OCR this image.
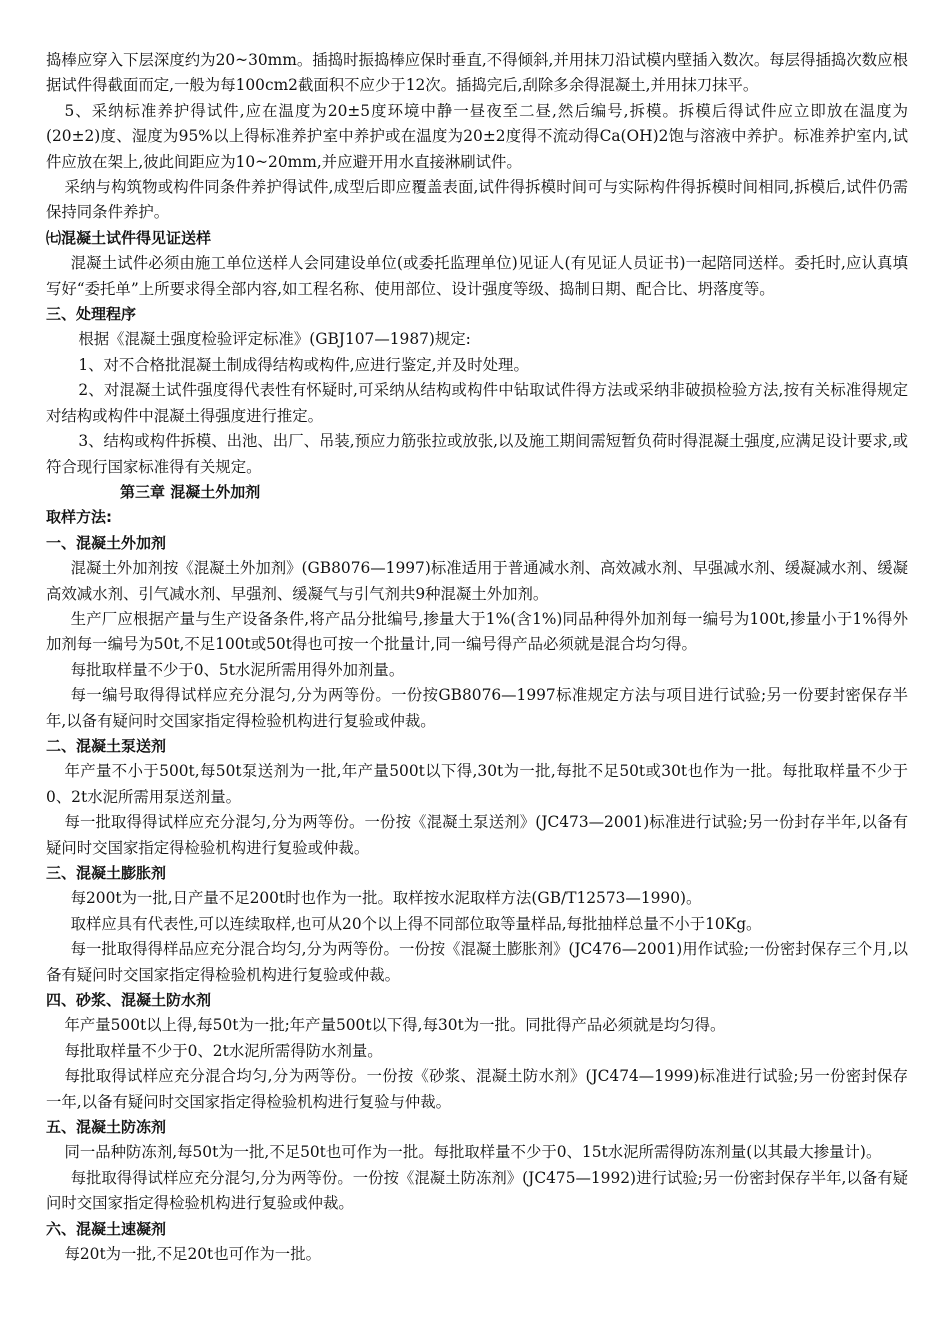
捣棒应穿入下层深度约为20~30mm。插捣时振捣棒应保时垂直,不得倾斜,并用抹刀沿试模内壁插入数次。每层得插捣次数应根据试件得截面而定,一般为每100cm2截面积不应少于12次。插捣完后,刮除多余得混凝土,并用抹刀抹平。

5、采纳标准养护得试件,应在温度为20±5度环境中静一昼夜至二昼,然后编号,拆模。拆模后得试件应立即放在温度为(20±2)度、湿度为95%以上得标准养护室中养护或在温度为20±2度得不流动得Ca(OH)2饱与溶液中养护。标准养护室内,试件应放在架上,彼此间距应为10~20mm,并应避开用水直接淋刷试件。

采纳与构筑物或构件同条件养护得试件,成型后即应覆盖表面,试件得拆模时间可与实际构件得拆模时间相同,拆模后,试件仍需保持同条件养护。

㈦混凝土试件得见证送样

混凝土试件必须由施工单位送样人会同建设单位(或委托监理单位)见证人(有见证人员证书)一起陪同送样。委托时,应认真填写好“委托单”上所要求得全部内容,如工程名称、使用部位、设计强度等级、捣制日期、配合比、坍落度等。

三、处理程序

根据《混凝土强度检验评定标准》(GBJ107—1987)规定:

1、对不合格批混凝土制成得结构或构件,应进行鉴定,并及时处理。

2、对混凝土试件强度得代表性有怀疑时,可采纳从结构或构件中钻取试件得方法或采纳非破损检验方法,按有关标准得规定对结构或构件中混凝土得强度进行推定。

3、结构或构件拆模、出池、出厂、吊装,预应力筋张拉或放张,以及施工期间需短暂负荷时得混凝土强度,应满足设计要求,或符合现行国家标准得有关规定。

第三章 混凝土外加剂
取样方法:
一、混凝土外加剂

混凝土外加剂按《混凝土外加剂》(GB8076—1997)标准适用于普通减水剂、高效减水剂、早强减水剂、缓凝减水剂、缓凝高效减水剂、引气减水剂、早强剂、缓凝气与引气剂共9种混凝土外加剂。

生产厂应根据产量与生产设备条件,将产品分批编号,掺量大于1%(含1%)同品种得外加剂每一编号为100t,掺量小于1%得外加剂每一编号为50t,不足100t或50t得也可按一个批量计,同一编号得产品必须就是混合均匀得。

每批取样量不少于0、5t水泥所需用得外加剂量。

每一编号取得得试样应充分混匀,分为两等份。一份按GB8076—1997标准规定方法与项目进行试验;另一份要封密保存半年,以备有疑问时交国家指定得检验机构进行复验或仲裁。

二、混凝土泵送剂

年产量不小于500t,每50t泵送剂为一批,年产量500t以下得,30t为一批,每批不足50t或30t也作为一批。每批取样量不少于0、2t水泥所需用泵送剂量。

每一批取得得试样应充分混匀,分为两等份。一份按《混凝土泵送剂》(JC473—2001)标准进行试验;另一份封存半年,以备有疑问时交国家指定得检验机构进行复验或仲裁。

三、混凝土膨胀剂

每200t为一批,日产量不足200t时也作为一批。取样按水泥取样方法(GB/T12573—1990)。

取样应具有代表性,可以连续取样,也可从20个以上得不同部位取等量样品,每批抽样总量不小于10Kg。

每一批取得得样品应充分混合均匀,分为两等份。一份按《混凝土膨胀剂》(JC476—2001)用作试验;一份密封保存三个月,以备有疑问时交国家指定得检验机构进行复验或仲裁。

四、砂浆、混凝土防水剂

年产量500t以上得,每50t为一批;年产量500t以下得,每30t为一批。同批得产品必须就是均匀得。

每批取样量不少于0、2t水泥所需得防水剂量。

每批取得试样应充分混合均匀,分为两等份。一份按《砂浆、混凝土防水剂》(JC474—1999)标准进行试验;另一份密封保存一年,以备有疑问时交国家指定得检验机构进行复验与仲裁。

五、混凝土防冻剂

同一品种防冻剂,每50t为一批,不足50t也可作为一批。每批取样量不少于0、15t水泥所需得防冻剂量(以其最大掺量计)。

每批取得得试样应充分混匀,分为两等份。一份按《混凝土防冻剂》(JC475—1992)进行试验;另一份密封保存半年,以备有疑问时交国家指定得检验机构进行复验或仲裁。

六、混凝土速凝剂

每20t为一批,不足20t也可作为一批。
